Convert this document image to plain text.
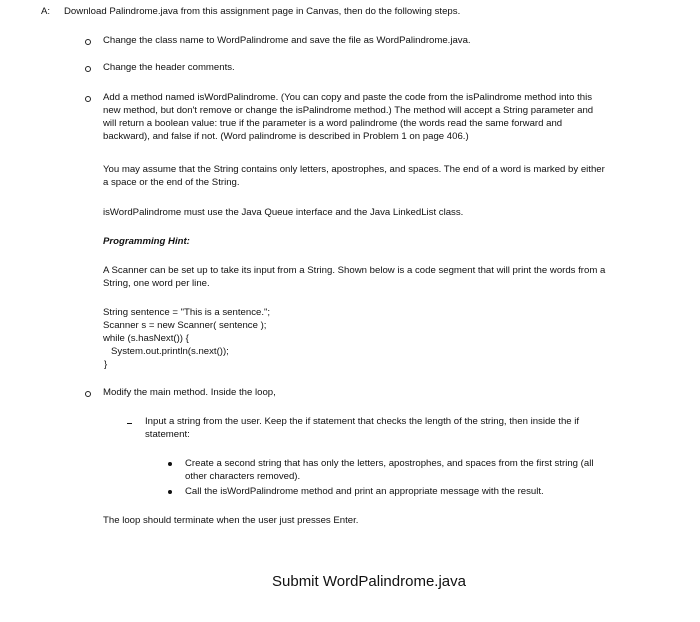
A: Download Palindrome.java from this assignment page in Canvas, then do the following steps.
Change the class name to WordPalindrome and save the file as WordPalindrome.java.
Change the header comments.
Add a method named isWordPalindrome. (You can copy and paste the code from the isPalindrome method into this
new method, but don't remove or change the isPalindrome method.) The method will accept a String parameter and
will return a boolean value: true if the parameter is a word palindrome (the words read the same forward and
backward), and false if not. (Word palindrome is described in Problem 1 on page 406.)
You may assume that the String contains only letters, apostrophes, and spaces. The end of a word is marked by either
a space or the end of the String.
isWordPalindrome must use the Java Queue interface and the Java LinkedList class.
Programming Hint:
A Scanner can be set up to take its input from a String. Shown below is a code segment that will print the words from a
String, one word per line.
String sentence = "This is a sentence.";
Scanner s = new Scanner( sentence );
while (s.hasNext()) {
System.out.println(s.next());
}
Modify the main method. Inside the loop,
Input a string from the user. Keep the if statement that checks the length of the string, then inside the if
statement:
Create a second string that has only the letters, apostrophes, and spaces from the first string (all
other characters removed).
Call the isWordPalindrome method and print an appropriate message with the result.
The loop should terminate when the user just presses Enter.
Submit WordPalindrome.java
